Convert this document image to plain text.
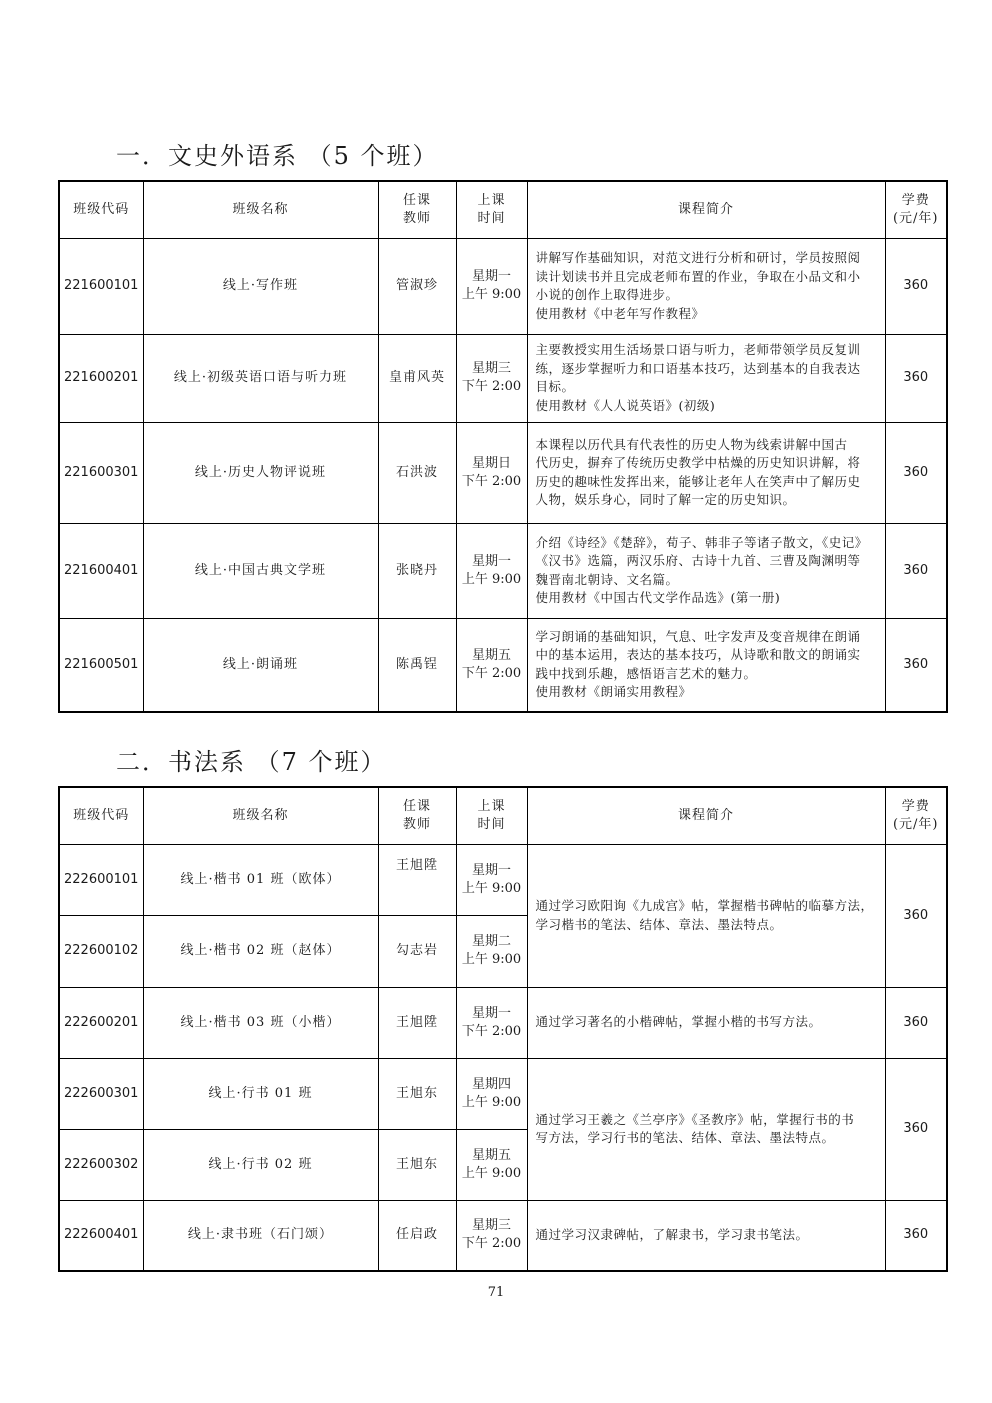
一．文史外语系 （5 个班）
班级代码	班级名称	任课
教师	上课
时间	课程简介	学费
(元/年)
221600101	线上·写作班	管淑珍	星期一
上午 9:00	讲解写作基础知识，对范文进行分析和研讨，学员按照阅
读计划读书并且完成老师布置的作业，争取在小品文和小
小说的创作上取得进步。
使用教材《中老年写作教程》	360
221600201	线上·初级英语口语与听力班	皇甫风英	星期三
下午 2:00	主要教授实用生活场景口语与听力，老师带领学员反复训
练，逐步掌握听力和口语基本技巧，达到基本的自我表达
目标。
使用教材《人人说英语》(初级)	360
221600301	线上·历史人物评说班	石洪波	星期日
下午 2:00	本课程以历代具有代表性的历史人物为线索讲解中国古
代历史，摒弃了传统历史教学中枯燥的历史知识讲解，将
历史的趣味性发挥出来，能够让老年人在笑声中了解历史
人物，娱乐身心，同时了解一定的历史知识。	360
221600401	线上·中国古典文学班	张晓丹	星期一
上午 9:00	介绍《诗经》《楚辞》，荀子、韩非子等诸子散文，《史记》
《汉书》选篇，两汉乐府、古诗十九首、三曹及陶渊明等
魏晋南北朝诗、文名篇。
使用教材《中国古代文学作品选》(第一册)	360
221600501	线上·朗诵班	陈禹锃	星期五
下午 2:00	学习朗诵的基础知识，气息、吐字发声及变音规律在朗诵
中的基本运用，表达的基本技巧，从诗歌和散文的朗诵实
践中找到乐趣，感悟语言艺术的魅力。
使用教材《朗诵实用教程》	360
二．书法系 （7 个班）
班级代码	班级名称	任课
教师	上课
时间	课程简介	学费
(元/年)
222600101	线上·楷书 01 班（欧体）	王旭陞	星期一
上午 9:00	通过学习欧阳询《九成宫》帖，掌握楷书碑帖的临摹方法，
学习楷书的笔法、结体、章法、墨法特点。	360
222600102	线上·楷书 02 班（赵体）	勾志岩	星期二
上午 9:00		
222600201	线上·楷书 03 班（小楷）	王旭陞	星期一
下午 2:00	通过学习著名的小楷碑帖，掌握小楷的书写方法。	360
222600301	线上·行书 01 班	王旭东	星期四
上午 9:00	通过学习王羲之《兰亭序》《圣教序》帖，掌握行书的书
写方法，学习行书的笔法、结体、章法、墨法特点。	360
222600302	线上·行书 02 班	王旭东	星期五
上午 9:00		
222600401	线上·隶书班（石门颂）	任启政	星期三
下午 2:00	通过学习汉隶碑帖，了解隶书，学习隶书笔法。	360
71
